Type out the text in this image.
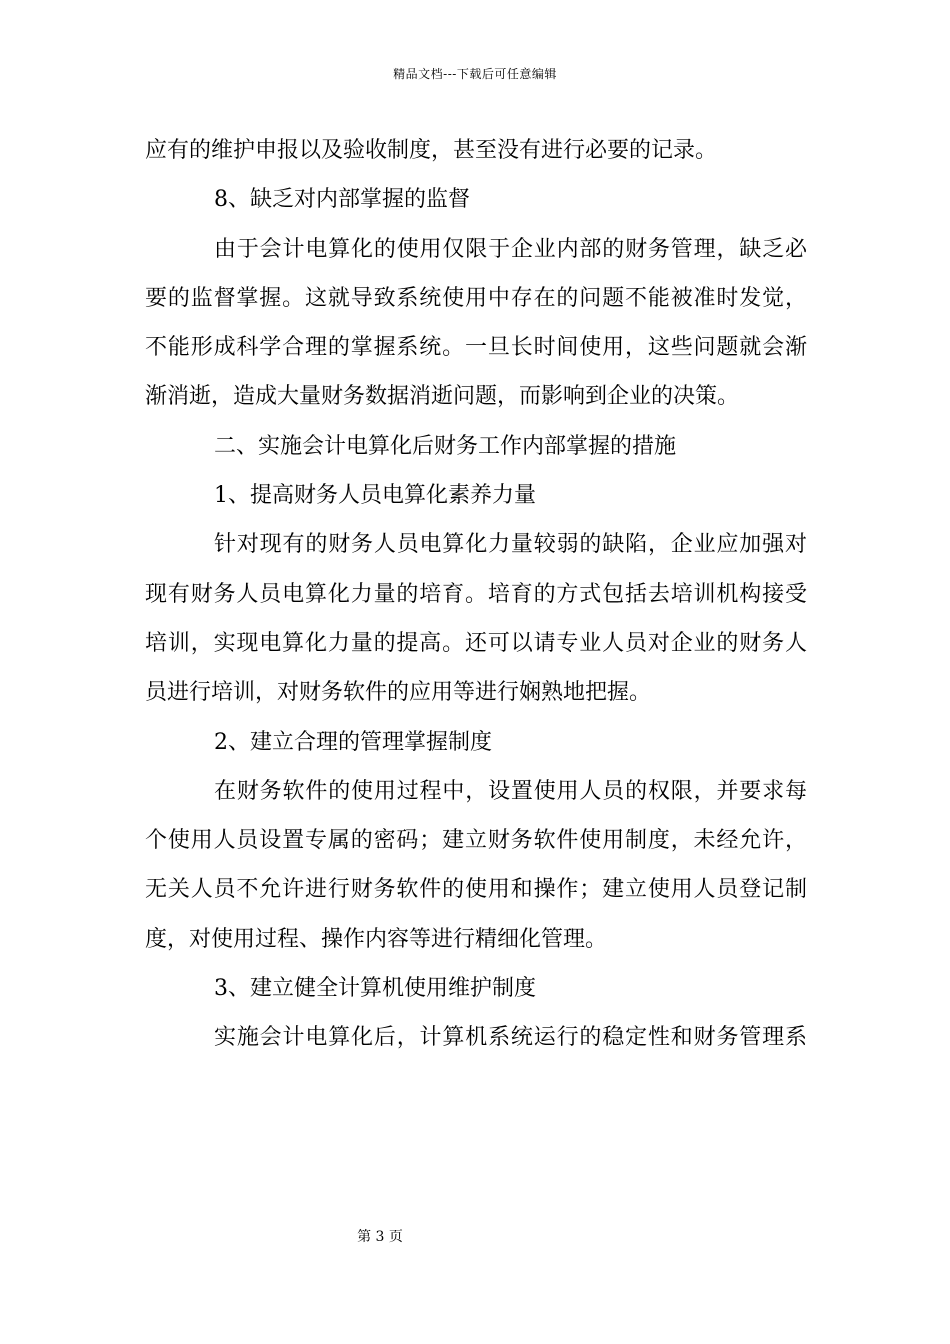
精品文档---下载后可任意编辑
应有的维护申报以及验收制度，甚至没有进行必要的记录。
8、缺乏对内部掌握的监督
由于会计电算化的使用仅限于企业内部的财务管理，缺乏必
要的监督掌握。这就导致系统使用中存在的问题不能被准时发觉，
不能形成科学合理的掌握系统。一旦长时间使用，这些问题就会渐
渐消逝，造成大量财务数据消逝问题，而影响到企业的决策。
二、实施会计电算化后财务工作内部掌握的措施
1、提高财务人员电算化素养力量
针对现有的财务人员电算化力量较弱的缺陷，企业应加强对
现有财务人员电算化力量的培育。培育的方式包括去培训机构接受
培训，实现电算化力量的提高。还可以请专业人员对企业的财务人
员进行培训，对财务软件的应用等进行娴熟地把握。
2、建立合理的管理掌握制度
在财务软件的使用过程中，设置使用人员的权限，并要求每
个使用人员设置专属的密码；建立财务软件使用制度，未经允许，
无关人员不允许进行财务软件的使用和操作；建立使用人员登记制
度，对使用过程、操作内容等进行精细化管理。
3、建立健全计算机使用维护制度
实施会计电算化后，计算机系统运行的稳定性和财务管理系
第 3 页
